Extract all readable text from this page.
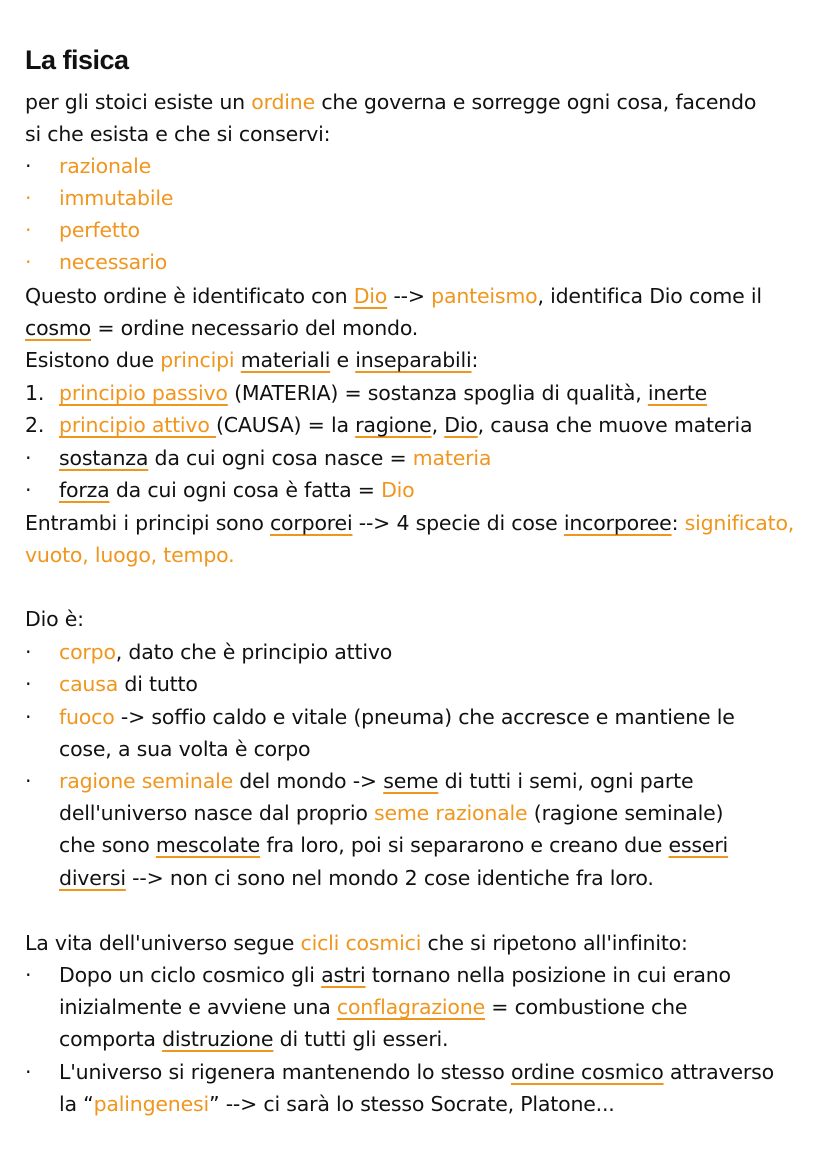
La fisica
per gli stoici esiste un ordine che governa e sorregge ogni cosa, facendo
si che esista e che si conservi:
· razionale
· immutabile
· perfetto
· necessario
Questo ordine è identificato con Dio --> panteismo, identifica Dio come il
cosmo = ordine necessario del mondo.
Esistono due principi materiali e inseparabili:
1. principio passivo (MATERIA) = sostanza spoglia di qualità, inerte
2. principio attivo (CAUSA) = la ragione, Dio, causa che muove materia
· sostanza da cui ogni cosa nasce = materia
· forza da cui ogni cosa è fatta = Dio
Entrambi i principi sono corporei --> 4 specie di cose incorporee: significato,
vuoto, luogo, tempo.
Dio è:
· corpo, dato che è principio attivo
· causa di tutto
· fuoco -> soffio caldo e vitale (pneuma) che accresce e mantiene le
cose, a sua volta è corpo
· ragione seminale del mondo -> seme di tutti i semi, ogni parte
dell'universo nasce dal proprio seme razionale (ragione seminale)
che sono mescolate fra loro, poi si separarono e creano due esseri
diversi --> non ci sono nel mondo 2 cose identiche fra loro.
La vita dell'universo segue cicli cosmici che si ripetono all'infinito:
· Dopo un ciclo cosmico gli astri tornano nella posizione in cui erano
inizialmente e avviene una conflagrazione = combustione che
comporta distruzione di tutti gli esseri.
· L'universo si rigenera mantenendo lo stesso ordine cosmico attraverso
la “palingenesi” --> ci sarà lo stesso Socrate, Platone...
